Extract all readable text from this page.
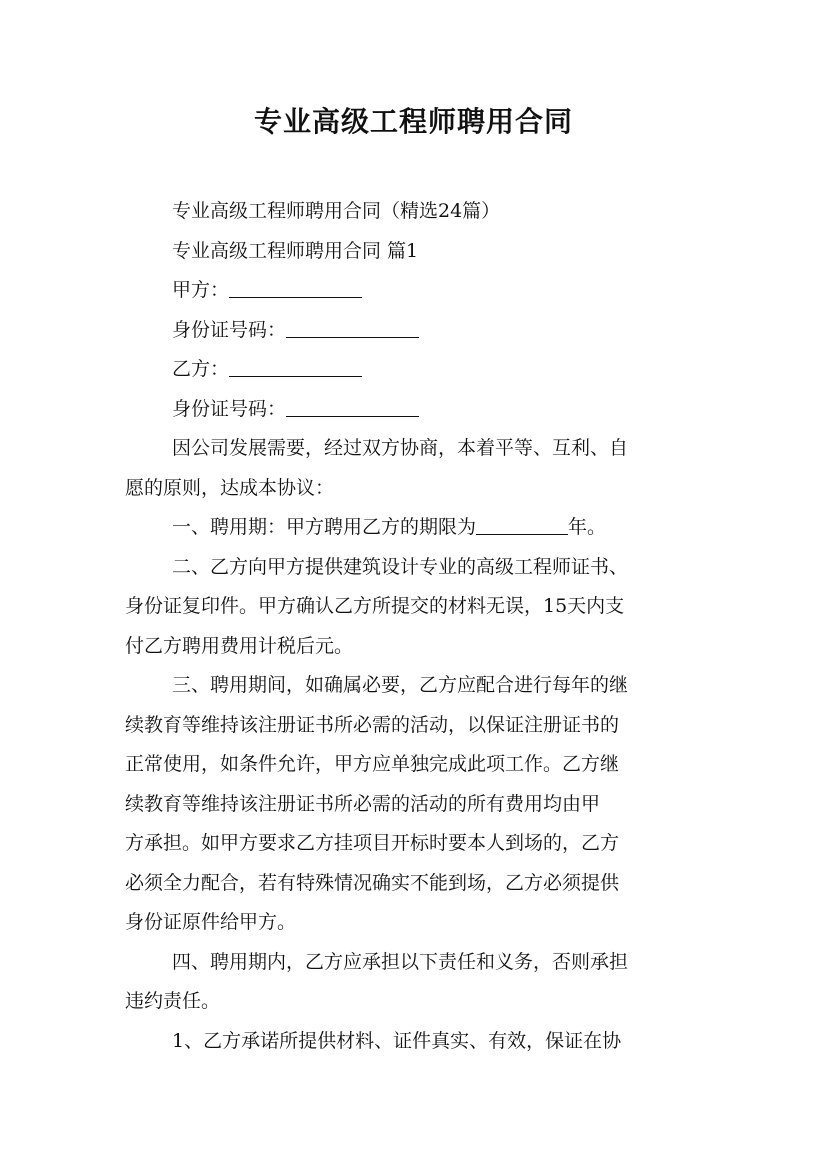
专业高级工程师聘用合同
专业高级工程师聘用合同（精选24篇）
专业高级工程师聘用合同 篇1
甲方：
身份证号码：
乙方：
身份证号码：
因公司发展需要，经过双方协商，本着平等、互利、自
愿的原则，达成本协议：
一、聘用期：甲方聘用乙方的期限为	年。
二、乙方向甲方提供建筑设计专业的高级工程师证书、
身份证复印件。甲方确认乙方所提交的材料无误，15天内支
付乙方聘用费用计税后元。
三、聘用期间，如确属必要，乙方应配合进行每年的继
续教育等维持该注册证书所必需的活动，以保证注册证书的
正常使用，如条件允许，甲方应单独完成此项工作。乙方继
续教育等维持该注册证书所必需的活动的所有费用均由甲
方承担。如甲方要求乙方挂项目开标时要本人到场的，乙方
必须全力配合，若有特殊情况确实不能到场，乙方必须提供
身份证原件给甲方。
四、聘用期内，乙方应承担以下责任和义务，否则承担
违约责任。
1、乙方承诺所提供材料、证件真实、有效，保证在协
